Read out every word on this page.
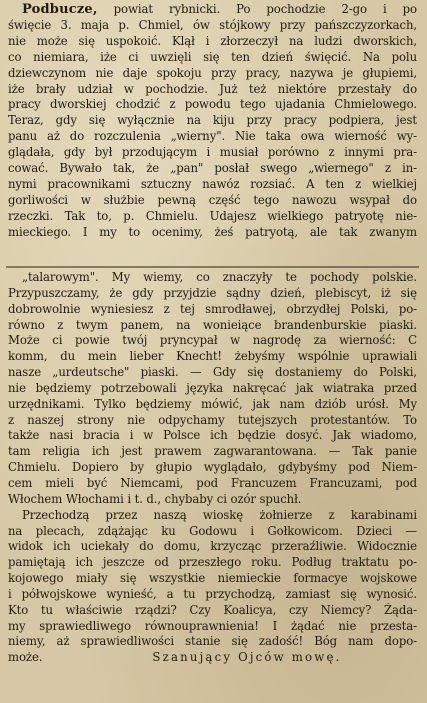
Podbucze, powiat rybnicki. Po pochodzie 2-go i po
święcie 3. maja p. Chmiel, ów stójkowy przy pańszczyzorkach,
nie może się uspokoić. Klął i złorzeczył na ludzi dworskich,
co niemiara, iże ci uwzięli się ten dzień święcić. Na polu
dziewczynom nie daje spokoju przy pracy, nazywa je głupiemi,
iże brały udział w pochodzie. Już też niektóre przestały do
pracy dworskiej chodzić z powodu tego ujadania Chmielowego.
Teraz, gdy się wyłącznie na kiju przy pracy podpiera, jest
panu aż do rozczulenia „wierny". Nie taka owa wierność wy-
glądała, gdy był przodującym i musiał porówno z innymi pra-
cować. Bywało tak, że „pan" posłał swego „wiernego" z in-
nymi pracownikami sztuczny nawóz rozsiać. A ten z wielkiej
gorliwości w służbie pewną część tego nawozu wsypał do
rzeczki. Tak to, p. Chmielu. Udajesz wielkiego patryotę nie-
mieckiego. I my to ocenimy, żeś patryotą, ale tak zwanym
„talarowym". My wiemy, co znaczyły te pochody polskie.
Przypuszczamy, że gdy przyjdzie sądny dzień, plebiscyt, iż się
dobrowolnie wyniesiesz z tej smrodławej, obrzydłej Polski, po-
równo z twym panem, na wonieiące brandenburskie piaski.
Może ci powie twój pryncypał w nagrodę za wierność: C
komm, du mein lieber Knecht! żebyśmy wspólnie uprawiali
nasze „urdeutsche" piaski. — Gdy się dostaniemy do Polski,
nie będziemy potrzebowali języka nakręcać jak wiatraka przed
urzędnikami. Tylko będziemy mówić, jak nam dziób urósł. My
z naszej strony nie odpychamy tutejszych protestantów. To
także nasi bracia i w Polsce ich będzie dosyć. Jak wiadomo,
tam religia ich jest prawem zagwarantowana. — Tak panie
Chmielu. Dopiero by głupio wyglądało, gdybyśmy pod Niem-
cem mieli być Niemcami, pod Francuzem Francuzami, pod
Włochem Włochami i t. d., chybaby ci ozór spuchł.
Przechodzą przez naszą wioskę żołnierze z karabinami
na plecach, zdążając ku Godowu i Gołkowicom. Dzieci —
widok ich uciekały do domu, krzycząc przeraźliwie. Widocznie
pamiętają ich jeszcze od przeszłego roku. Podług traktatu po-
kojowego miały się wszystkie niemieckie formacye wojskowe
i półwojskowe wynieść, a tu przychodzą, zamiast się wynosić.
Kto tu właściwie rządzi? Czy Koalicya, czy Niemcy? Żąda-
my sprawiedliwego równouprawnienia! I żądać nie przesta-
niemy, aż sprawiedliwości stanie się zadość! Bóg nam dopo-
może.	Szanujący Ojców mowę.
